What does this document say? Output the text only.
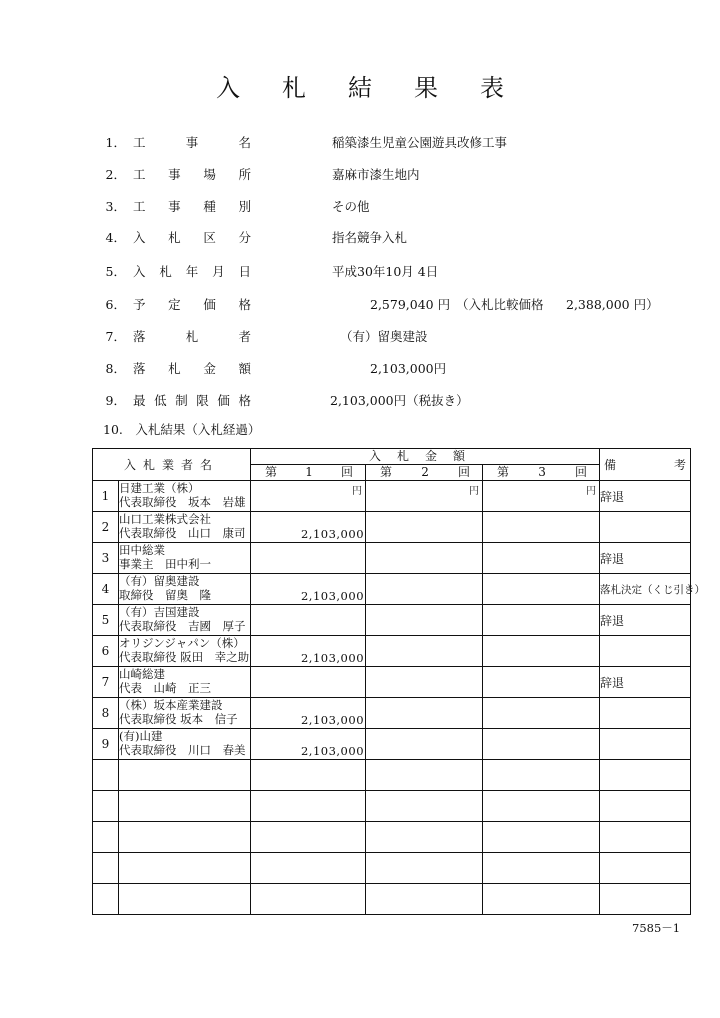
入札結果表
1． 工	事	名	稲築漆生児童公園遊具改修工事
2． 工 事 場 所	嘉麻市漆生地内
3． 工 事 種 別	その他
4． 入 札 区 分	指名競争入札
5． 入 札 年 月 日	平成30年10月 4日
6． 予 定 価 格	2,579,040 円 （入札比較価格 2,388,000 円）
7． 落	札	者	（有）留奥建設
8． 落 札 金 額	2,103,000円
9． 最 低 制 限 価 格	2,103,000円（税抜き）
10.　入札結果（入札経過）
入札業者名		入札金額			備 考

		第 1 回	第 2 回	第 3 回	

1	日建工業（株）
代表取締役　坂本　岩雄	円	円	円	辞退
2	山口工業株式会社
代表取締役　山口　康司	2,103,000			

3	田中総業
事業主　田中利一				辞退
4	（有）留奥建設
取締役　留奥　隆	2,103,000			落札決定（くじ引き）
5	（有）吉国建設
代表取締役　吉國　厚子				辞退
6	オリジンジャパン（株）
代表取締役 阪田　幸之助	2,103,000			

7	山崎総建
代表　山崎　正三				辞退
8	（株）坂本産業建設
代表取締役 坂本　信子	2,103,000			

9	(有)山建
代表取締役　川口　春美	2,103,000			

7585－1
